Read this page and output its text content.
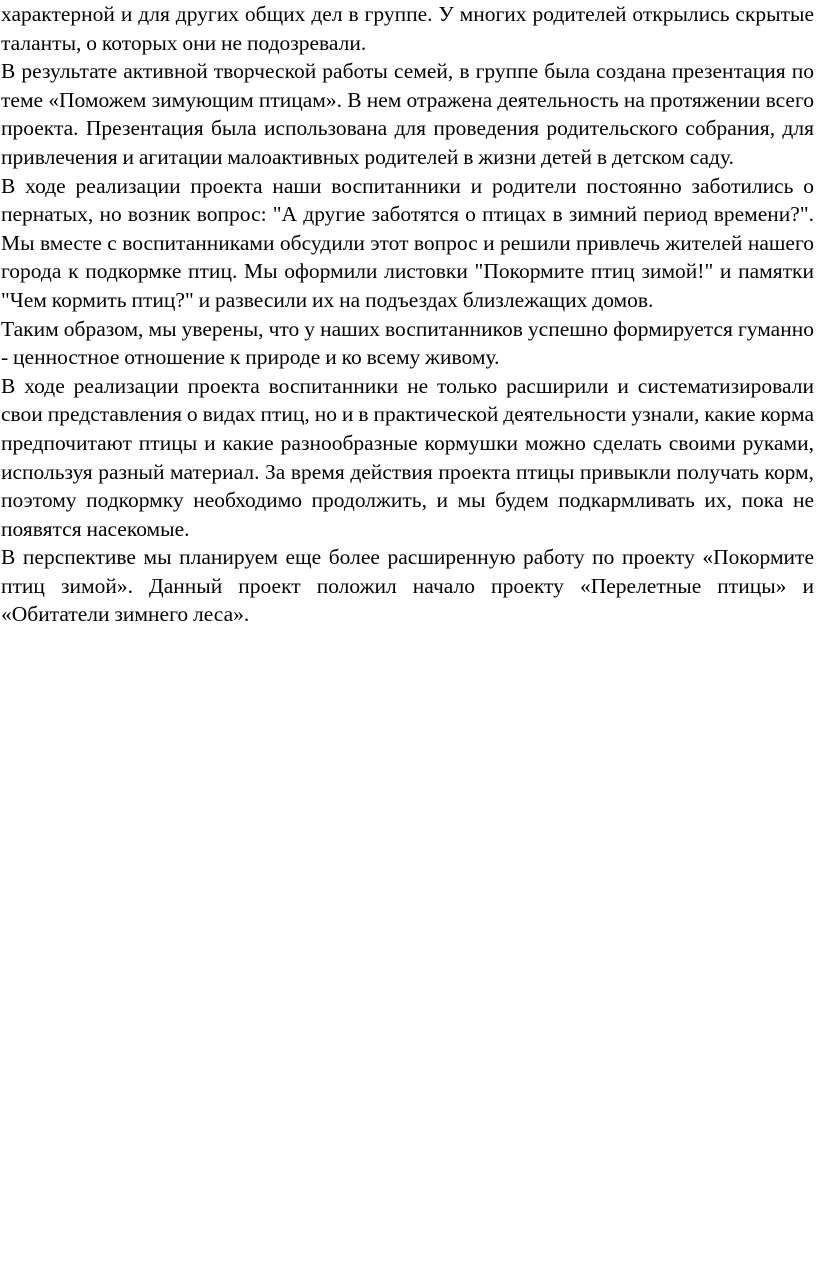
характерной и для других общих дел в группе. У многих родителей открылись скрытые таланты, о которых они не подозревали.

В результате активной творческой работы семей, в группе была создана презентация по теме «Поможем зимующим птицам». В нем отражена деятельность на протяжении всего проекта. Презентация была использована для проведения родительского собрания, для привлечения и агитации малоактивных родителей в жизни детей в детском саду.

В ходе реализации проекта наши воспитанники и родители постоянно заботились о пернатых, но возник вопрос: "А другие заботятся о птицах в зимний период времени?". Мы вместе с воспитанниками обсудили этот вопрос и решили привлечь жителей нашего города к подкормке птиц. Мы оформили листовки "Покормите птиц зимой!" и памятки "Чем кормить птиц?" и развесили их на подъездах близлежащих домов.

Таким образом, мы уверены, что у наших воспитанников успешно формируется гуманно - ценностное отношение к природе и ко всему живому.

В ходе реализации проекта воспитанники не только расширили и систематизировали свои представления о видах птиц, но и в практической деятельности узнали, какие корма предпочитают птицы и какие разнообразные кормушки можно сделать своими руками, используя разный материал. За время действия проекта птицы привыкли получать корм, поэтому подкормку необходимо продолжить, и мы будем подкармливать их, пока не появятся насекомые.

В перспективе мы планируем еще более расширенную работу по проекту «Покормите птиц зимой». Данный проект положил начало проекту «Перелетные птицы» и «Обитатели зимнего леса».
